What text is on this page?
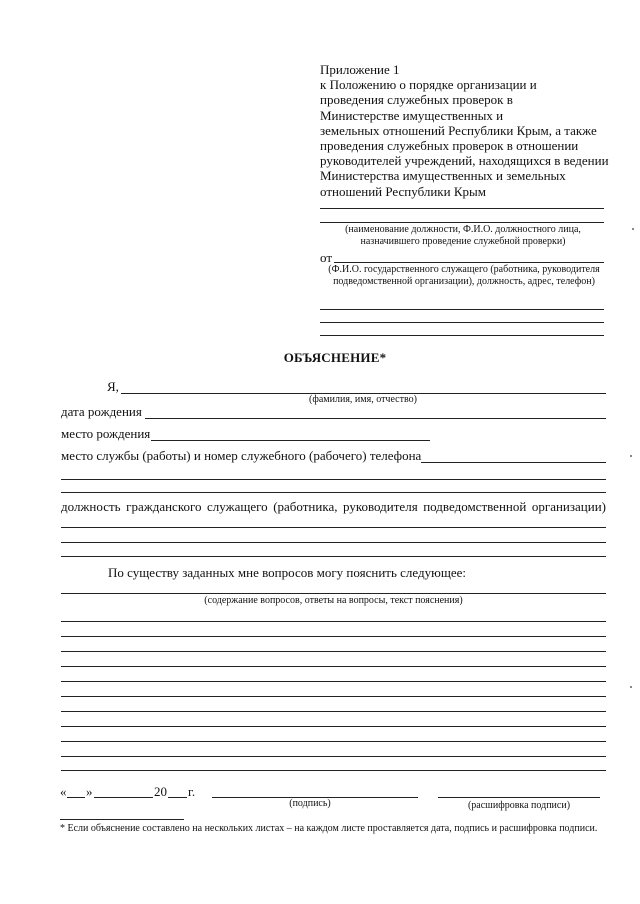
Приложение 1
к Положению о порядке организации и
проведения служебных проверок в
Министерстве имущественных и
земельных отношений Республики Крым, а также
проведения служебных проверок в отношении
руководителей учреждений, находящихся в ведении
Министерства имущественных и земельных
отношений Республики Крым
(наименование должности, Ф.И.О. должностного лица, назначившего проведение служебной проверки)
от
(Ф.И.О. государственного служащего (работника, руководителя подведомственной организации), должность, адрес, телефон)
ОБЪЯСНЕНИЕ*
Я,
(фамилия, имя, отчество)
дата рождения
место рождения
место службы (работы) и номер служебного (рабочего) телефона
должность гражданского служащего (работника, руководителя подведомственной организации)
По существу заданных мне вопросов могу пояснить следующее:
(содержание вопросов, ответы на вопросы, текст пояснения)
« »	20 г.
(подпись)	(расшифровка подписи)
* Если объяснение составлено на нескольких листах – на каждом листе проставляется дата, подпись и расшифровка подписи.
